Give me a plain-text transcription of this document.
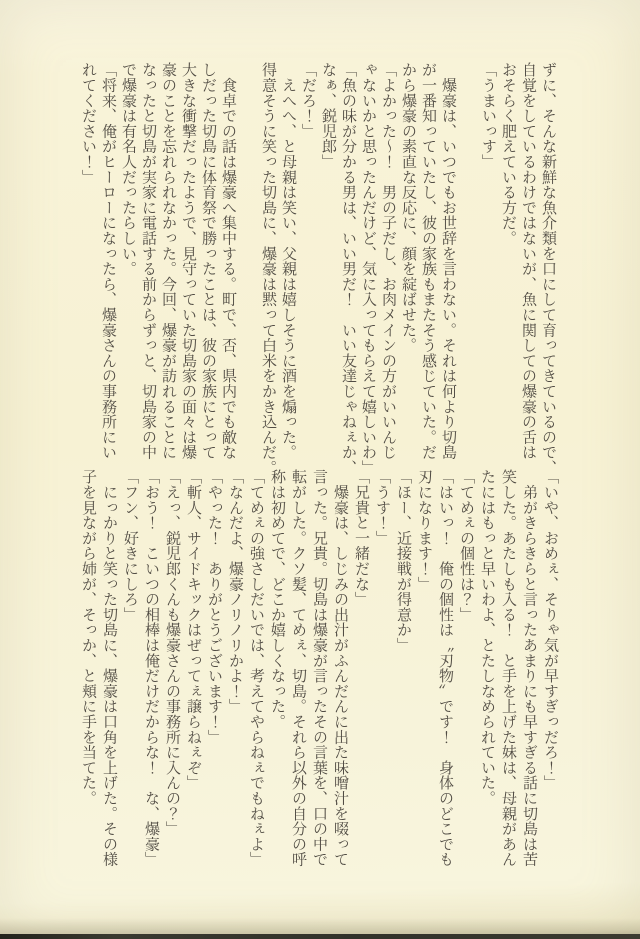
ずに、そんな新鮮な魚介類を口にして育ってきているので、
自覚をしているわけではないが、魚に関しての爆豪の舌は
おそらく肥えている方だ。
「うまいっす」
　爆豪は、いつでもお世辞を言わない。それは何より切島
が一番知っていたし、彼の家族もまたそう感じていた。だ
から爆豪の素直な反応に、顔を綻ばせた。
「よかった〜！　男の子だし、お肉メインの方がいいんじ
ゃないかと思ったんだけど、気に入ってもらえて嬉しいわ」
「魚の味が分かる男は、いい男だ！　いい友達じゃねぇか、
なぁ、鋭児郎」
「だろ！」
　えへへ、と母親は笑い、父親は嬉しそうに酒を煽った。
得意そうに笑った切島に、爆豪は黙って白米をかき込んだ。
　食卓での話は爆豪へ集中する。町で、否、県内でも敵な
しだった切島に体育祭で勝ったことは、彼の家族にとって
大きな衝撃だったようで、見守っていた切島家の面々は爆
豪のことを忘れられなかった。今回、爆豪が訪れることに
なったと切島が実家に電話する前からずっと、切島家の中
で爆豪は有名人だったらしい。
「将来、俺がヒーローになったら、爆豪さんの事務所にい
れてください！」
「いや、おめぇ、そりゃ気が早すぎっだろ！」
　弟がきらきらと言ったあまりにも早すぎる話に切島は苦
笑した。あたしも入る！　と手を上げた妹は、母親があん
たにはもっと早いわよ、とたしなめられていた。
「てめぇの個性は？」
「はいっ！　俺の個性は〝刃物〟です！　身体のどこでも
刃になります！」
「ほー、近接戦が得意か」
「うす！」
「兄貴と一緒だな」
　爆豪は、しじみの出汁がふんだんに出た味噌汁を啜って
言った。兄貴。切島は爆豪が言ったその言葉を、口の中で
転がした。クソ髪、てめぇ、切島。それら以外の自分の呼
称は初めてで、どこか嬉しくなった。
「てめぇの強さしだいでは、考えてやらねぇでもねぇよ」
「なんだよ、爆豪ノリノリかよ！」
「やった！　ありがとうございます！」
「斬人、サイドキックはぜってぇ譲らねぇぞ」
「えっ、鋭児郎くんも爆豪さんの事務所に入んの？」
「おう！　こいつの相棒は俺だけだからな！　な、爆豪」
「フン、好きにしろ」
　にっかりと笑った切島に、爆豪は口角を上げた。その様
子を見ながら姉が、そっか、と頬に手を当てた。
